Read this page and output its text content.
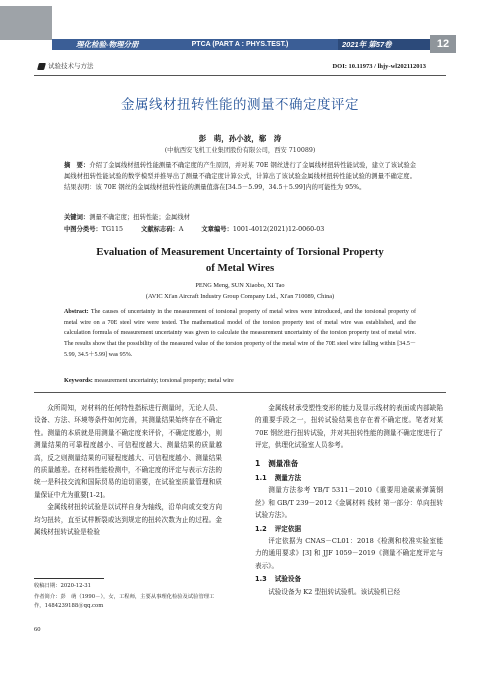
理化检验-物理分册	PTCA (PART A : PHYS.TEST.)	2021年 第57卷	12
试验技术与方法	DOI: 10.11973 / lhjy-wl202112013
金属线材扭转性能的测量不确定度评定
彭　萌，孙小波，郗　涛
(中航西安飞机工业集团股份有限公司，西安 710089)
摘　要：介绍了金属线材扭转性能测量不确定度的产生原因，并对某 70E 钢丝进行了金属线材扭转性能试验，建立了该试验金属线材扭转性能试验的数学模型并推导出了测量不确定度计算公式，计算出了该试验金属线材扭转性能试验的测量不确定度。结果表明：该 70E 钢丝的金属线材扭转性能的测量值落在[34.5－5.99，34.5＋5.99]内的可能性为 95%。
关键词：测量不确定度；扭转性能；金属线材
中图分类号：TG115	文献标志码：A	文章编号：1001-4012(2021)12-0060-03
Evaluation of Measurement Uncertainty of Torsional Property
of Metal Wires
PENG Meng, SUN Xiaobo, XI Tao
(AVIC Xi'an Aircraft Industry Group Company Ltd., Xi'an 710089, China)
Abstract: The causes of uncertainty in the measurement of torsional property of metal wires were introduced, and the torsional property of metal wire on a 70E steel wire were tested. The mathematical model of the torsion property test of metal wire was established, and the calculation formula of measurement uncertainty was given to calculate the measurement uncertainty of the torsion property test of metal wire. The results show that the possibility of the measured value of the torsion property of the metal wire of the 70E steel wire falling within [34.5－5.99, 34.5＋5.99] was 95%.
Keywords: measurement uncertainty; torsional property; metal wire

众所周知，对材料的任何特性指标进行测量时，无论人员、设备、方法、环境等条件如何完善，其测量结果始终存在不确定性。测量的本质就是用测量不确定度来评价，不确定度越小，则测量结果的可靠程度越小、可信程度越大、测量结果的质量越高，反之则测量结果的可疑程度越大、可信程度越小、测量结果的质量越差。在材料性能检测中，不确定度的评定与表示方法的统一是科技交流和国际贸易的迫切需要，在试验室质量管理和质量保证中尤为重要[1-2]。

金属线材扭转试验是以试样自身为轴线，沿单向或交变方向均匀扭转，直至试样断裂或达到规定的扭转次数为止的过程。金属线材扭转试验是检验

金属线材承受塑性变形的能力及显示线材的表面或内部缺陷的重要手段之一，扭转试验结果也存在着不确定度。笔者对某 70E 钢丝进行扭转试验，并对其扭转性能的测量不确定度进行了评定，供理化试验室人员参考。

1 测量准备
1.1 测量方法

测量方法参考 YB/T 5311－2010《重要用途碳素弹簧钢丝》和 GB/T 239－2012《金属材料 线材 第一部分：单向扭转试验方法》。

1.2 评定依据

评定依据为 CNAS－CL01：2018《检测和校准实验室能力的通用要求》[3] 和 JJF 1059－2019《测量不确定度评定与表示》。

1.3 试验设备

试验设备为 K2 型扭转试验机。该试验机已经

收稿日期：2020-12-31
作者简介：彭　萌（1990－），女，工程师，主要从事理化检验及试验管理工作，1484239188＠qq.com
60
